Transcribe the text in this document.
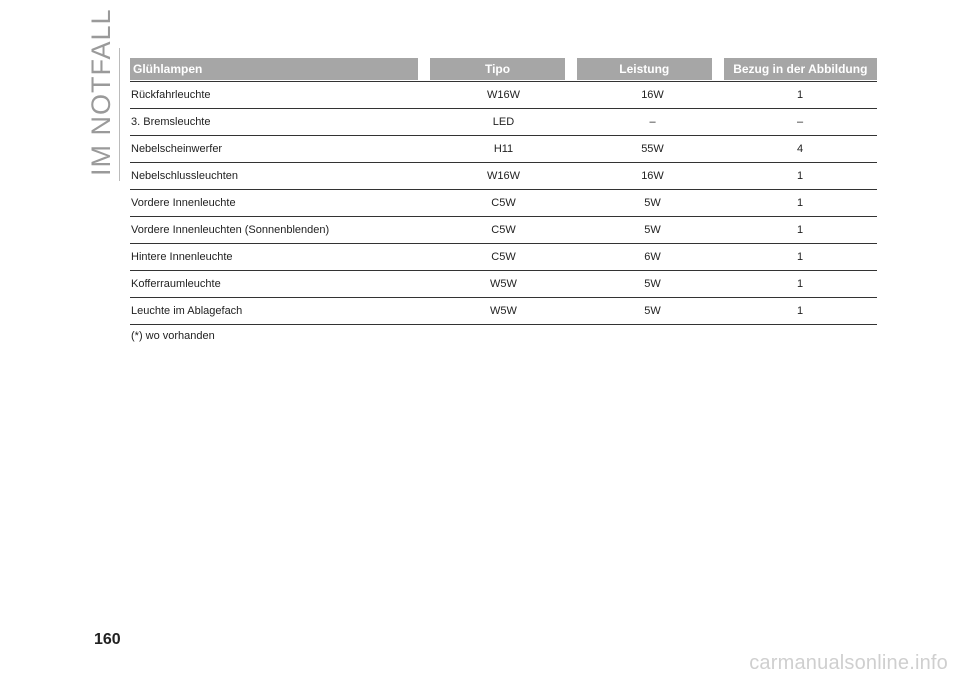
IM NOTFALL Glühlampen	Tipo	Leistung	Bezug in der Abbildung
Rückfahrleuchte	W16W	16W	1
3. Bremsleuchte	LED	–	–
Nebelscheinwerfer	H11	55W	4
Nebelschlussleuchten	W16W	16W	1
Vordere Innenleuchte	C5W	5W	1
Vordere Innenleuchten (Sonnenblenden)	C5W	5W	1
Hintere Innenleuchte	C5W	6W	1
Kofferraumleuchte	W5W	5W	1
Leuchte im Ablagefach	W5W	5W	1
(*) wo vorhanden
160
carmanualsonline.info
